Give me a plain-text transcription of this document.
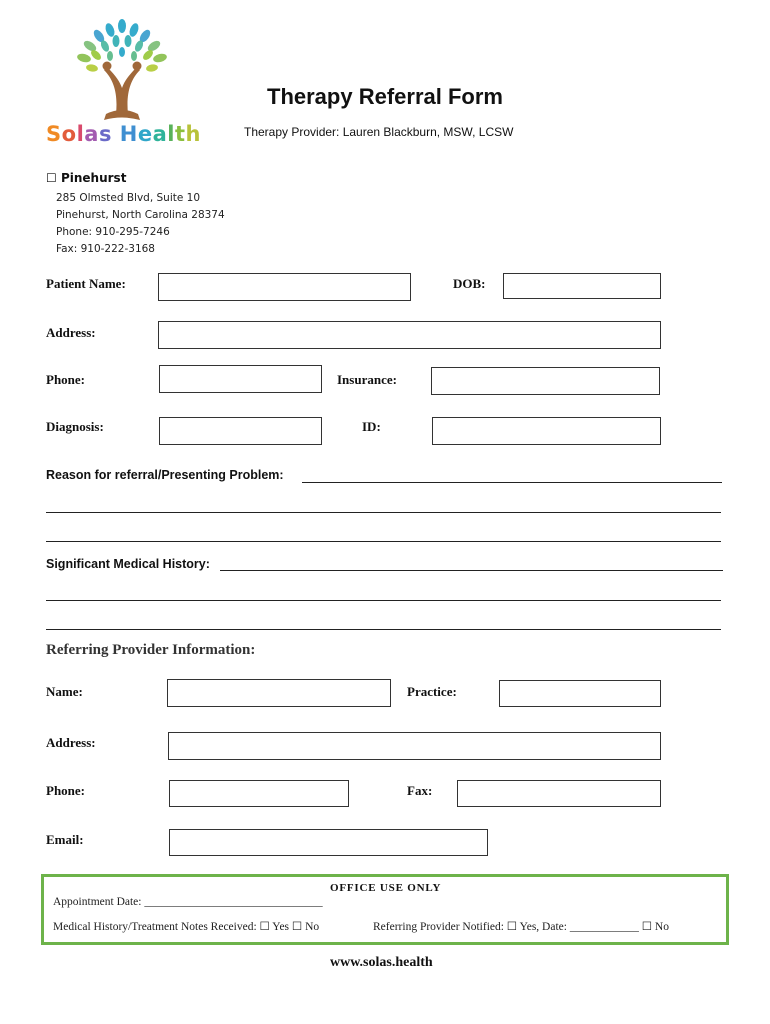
Solas Health
Therapy Referral Form
Therapy Provider: Lauren Blackburn, MSW, LCSW
☐ Pinehurst
285 Olmsted Blvd, Suite 10
Pinehurst, North Carolina 28374
Phone: 910-295-7246
Fax: 910-222-3168
Patient Name:	DOB:
Address:
Phone:	Insurance:
Diagnosis:	ID:
Reason for referral/Presenting Problem:
Significant Medical History:
Referring Provider Information:
Name:	Practice:
Address:
Phone:	Fax:
Email:
OFFICE USE ONLY
Appointment Date: _______________________________
Medical History/Treatment Notes Received: ☐ Yes ☐ No	Referring Provider Notified: ☐ Yes, Date: ____________ ☐ No
www.solas.health
